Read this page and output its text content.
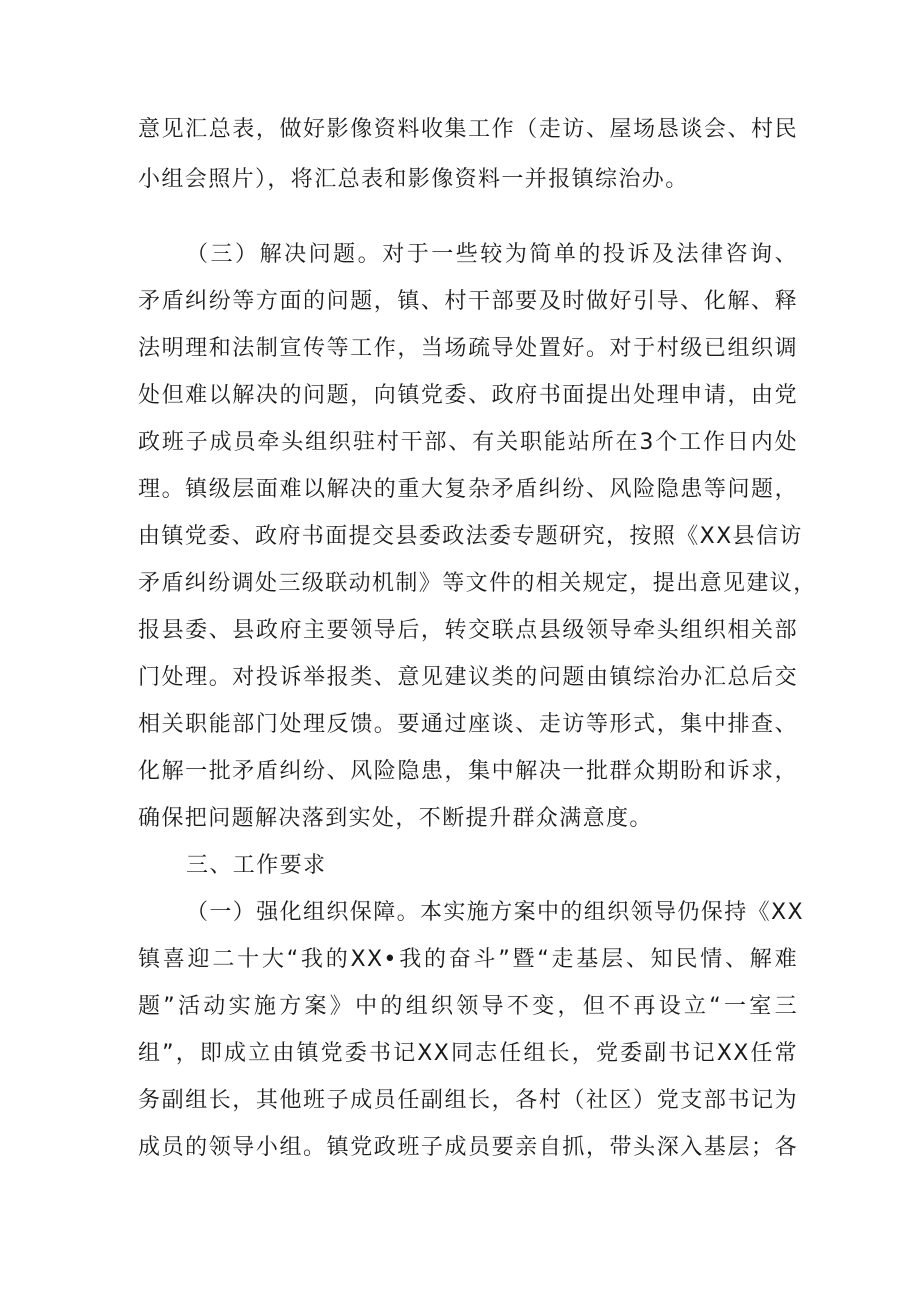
意见汇总表，做好影像资料收集工作（走访、屋场恳谈会、村民
小组会照片），将汇总表和影像资料一并报镇综治办。
（三）解决问题。对于一些较为简单的投诉及法律咨询、
矛盾纠纷等方面的问题，镇、村干部要及时做好引导、化解、释
法明理和法制宣传等工作，当场疏导处置好。对于村级已组织调
处但难以解决的问题，向镇党委、政府书面提出处理申请，由党
政班子成员牵头组织驻村干部、有关职能站所在3个工作日内处
理。镇级层面难以解决的重大复杂矛盾纠纷、风险隐患等问题，
由镇党委、政府书面提交县委政法委专题研究，按照《XX县信访
矛盾纠纷调处三级联动机制》等文件的相关规定，提出意见建议，
报县委、县政府主要领导后，转交联点县级领导牵头组织相关部
门处理。对投诉举报类、意见建议类的问题由镇综治办汇总后交
相关职能部门处理反馈。要通过座谈、走访等形式，集中排查、
化解一批矛盾纠纷、风险隐患，集中解决一批群众期盼和诉求，
确保把问题解决落到实处，不断提升群众满意度。
三、工作要求
（一）强化组织保障。本实施方案中的组织领导仍保持《XX
镇喜迎二十大“我的XX•我的奋斗”暨“走基层、知民情、解难
题”活动实施方案》中的组织领导不变，但不再设立“一室三
组”，即成立由镇党委书记XX同志任组长，党委副书记XX任常
务副组长，其他班子成员任副组长，各村（社区）党支部书记为
成员的领导小组。镇党政班子成员要亲自抓，带头深入基层；各
